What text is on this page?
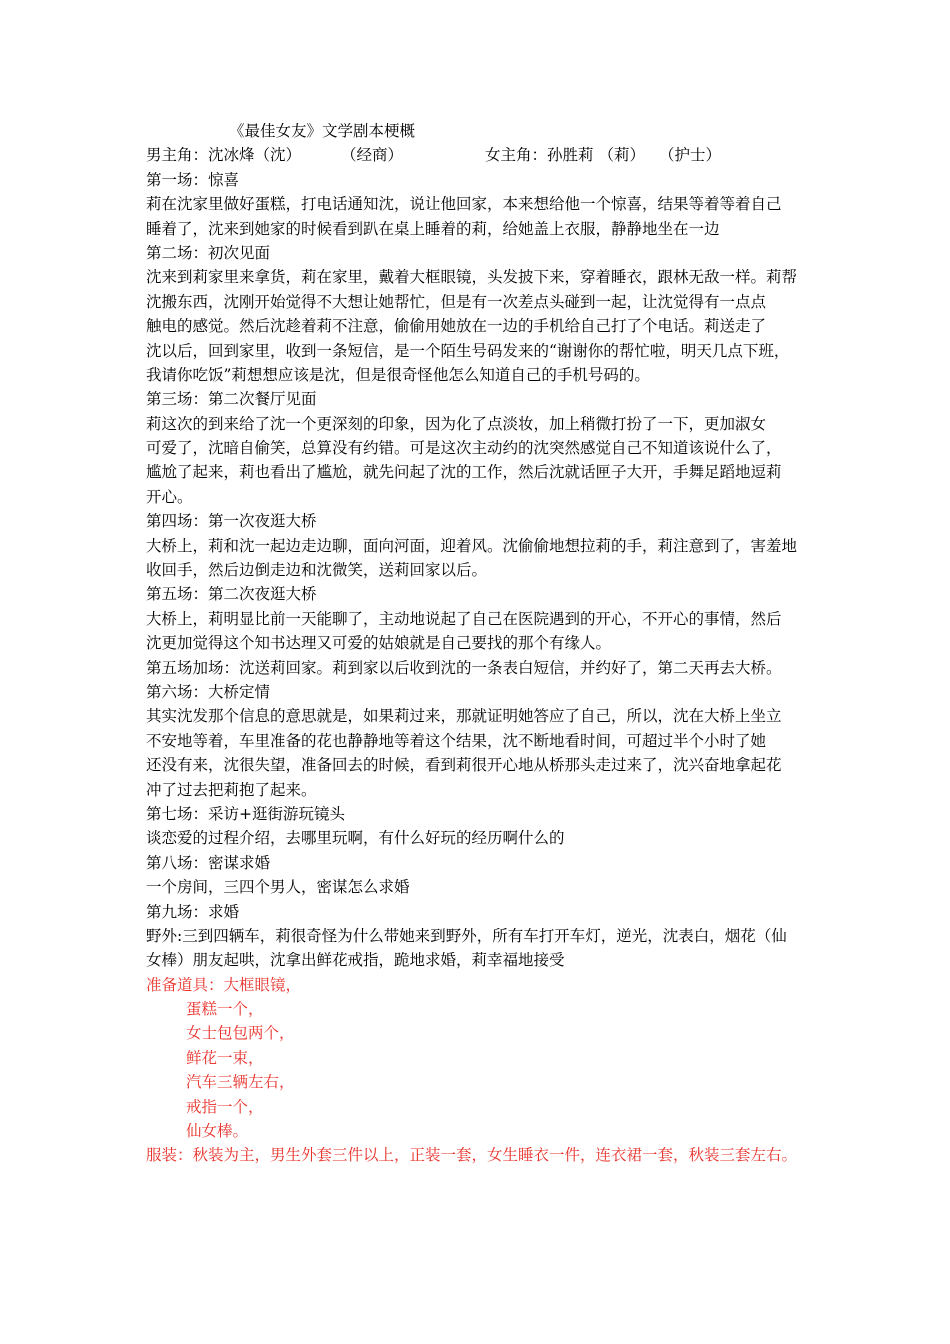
《最佳女友》文学剧本梗概
男主角：沈冰烽（沈）	（经商）	女主角：孙胜莉 （莉） （护士）
第一场：惊喜
莉在沈家里做好蛋糕，打电话通知沈，说让他回家，本来想给他一个惊喜，结果等着等着自己
睡着了，沈来到她家的时候看到趴在桌上睡着的莉，给她盖上衣服，静静地坐在一边
第二场：初次见面
沈来到莉家里来拿货，莉在家里，戴着大框眼镜，头发披下来，穿着睡衣，跟林无敌一样。莉帮
沈搬东西，沈刚开始觉得不大想让她帮忙，但是有一次差点头碰到一起，让沈觉得有一点点
触电的感觉。然后沈趁着莉不注意，偷偷用她放在一边的手机给自己打了个电话。莉送走了
沈以后，回到家里，收到一条短信，是一个陌生号码发来的“谢谢你的帮忙啦，明天几点下班，
我请你吃饭”莉想想应该是沈，但是很奇怪他怎么知道自己的手机号码的。
第三场：第二次餐厅见面
莉这次的到来给了沈一个更深刻的印象，因为化了点淡妆，加上稍微打扮了一下，更加淑女
可爱了，沈暗自偷笑，总算没有约错。可是这次主动约的沈突然感觉自己不知道该说什么了，
尴尬了起来，莉也看出了尴尬，就先问起了沈的工作，然后沈就话匣子大开，手舞足蹈地逗莉
开心。
第四场：第一次夜逛大桥
大桥上，莉和沈一起边走边聊，面向河面，迎着风。沈偷偷地想拉莉的手，莉注意到了，害羞地
收回手，然后边倒走边和沈微笑，送莉回家以后。
第五场：第二次夜逛大桥
大桥上，莉明显比前一天能聊了，主动地说起了自己在医院遇到的开心，不开心的事情，然后
沈更加觉得这个知书达理又可爱的姑娘就是自己要找的那个有缘人。
第五场加场：沈送莉回家。莉到家以后收到沈的一条表白短信，并约好了，第二天再去大桥。
第六场：大桥定情
其实沈发那个信息的意思就是，如果莉过来，那就证明她答应了自己，所以，沈在大桥上坐立
不安地等着，车里准备的花也静静地等着这个结果，沈不断地看时间，可超过半个小时了她
还没有来，沈很失望，准备回去的时候，看到莉很开心地从桥那头走过来了，沈兴奋地拿起花
冲了过去把莉抱了起来。
第七场：采访+逛街游玩镜头
谈恋爱的过程介绍，去哪里玩啊，有什么好玩的经历啊什么的
第八场：密谋求婚
一个房间，三四个男人，密谋怎么求婚
第九场：求婚
野外:三到四辆车，莉很奇怪为什么带她来到野外，所有车打开车灯，逆光，沈表白，烟花（仙
女棒）朋友起哄，沈拿出鲜花戒指，跪地求婚，莉幸福地接受
准备道具：大框眼镜，
蛋糕一个，
女士包包两个，
鲜花一束，
汽车三辆左右，
戒指一个，
仙女棒。
服装：秋装为主，男生外套三件以上，正装一套，女生睡衣一件，连衣裙一套，秋装三套左右。
